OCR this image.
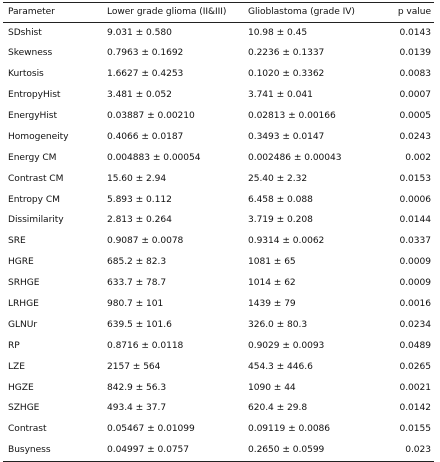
Parameter	Lower grade glioma (II&III)	Glioblastoma (grade IV)	p value
SDshist	9.031 ± 0.580	10.98 ± 0.45	0.0143
Skewness	0.7963 ± 0.1692	0.2236 ± 0.1337	0.0139
Kurtosis	1.6627 ± 0.4253	0.1020 ± 0.3362	0.0083
EntropyHist	3.481 ± 0.052	3.741 ± 0.041	0.0007
EnergyHist	0.03887 ± 0.00210	0.02813 ± 0.00166	0.0005
Homogeneity	0.4066 ± 0.0187	0.3493 ± 0.0147	0.0243
Energy CM	0.004883 ± 0.00054	0.002486 ± 0.00043	0.002
Contrast CM	15.60 ± 2.94	25.40 ± 2.32	0.0153
Entropy CM	5.893 ± 0.112	6.458 ± 0.088	0.0006
Dissimilarity	2.813 ± 0.264	3.719 ± 0.208	0.0144
SRE	0.9087 ± 0.0078	0.9314 ± 0.0062	0.0337
HGRE	685.2 ± 82.3	1081 ± 65	0.0009
SRHGE	633.7 ± 78.7	1014 ± 62	0.0009
LRHGE	980.7 ± 101	1439 ± 79	0.0016
GLNUr	639.5 ± 101.6	326.0 ± 80.3	0.0234
RP	0.8716 ± 0.0118	0.9029 ± 0.0093	0.0489
LZE	2157 ± 564	454.3 ± 446.6	0.0265
HGZE	842.9 ± 56.3	1090 ± 44	0.0021
SZHGE	493.4 ± 37.7	620.4 ± 29.8	0.0142
Contrast	0.05467 ± 0.01099	0.09119 ± 0.0086	0.0155
Busyness	0.04997 ± 0.0757	0.2650 ± 0.0599	0.023
